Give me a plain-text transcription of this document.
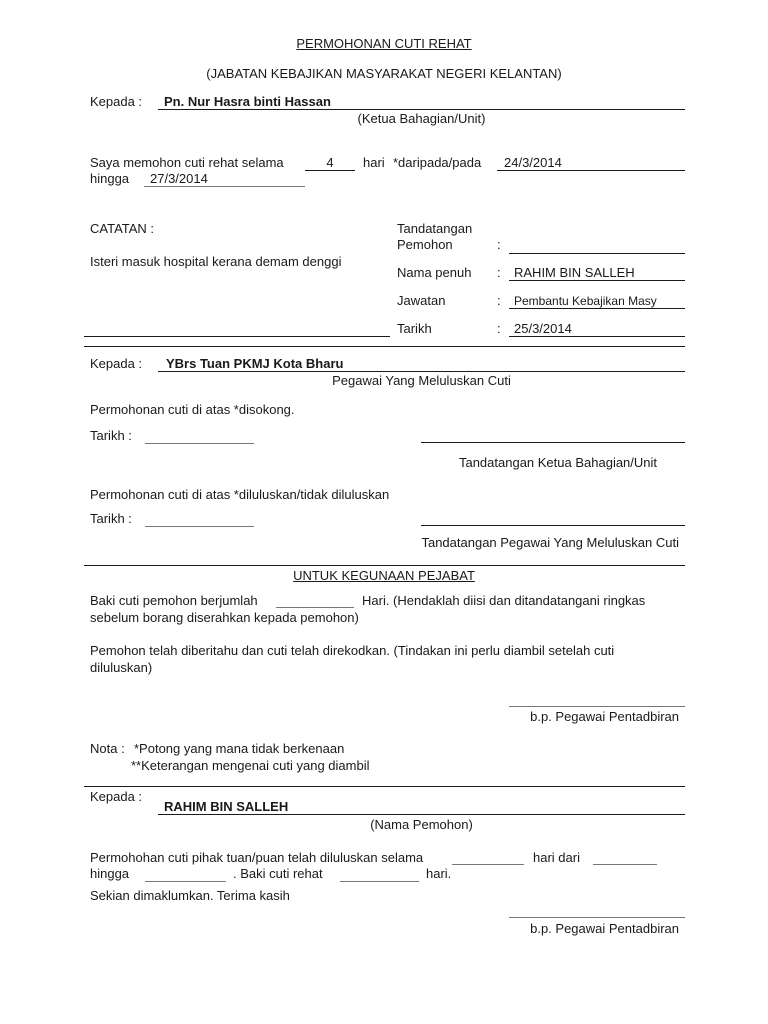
PERMOHONAN CUTI REHAT
(JABATAN KEBAJIKAN MASYARAKAT NEGERI KELANTAN)
Kepada : Pn. Nur Hasra binti Hassan
(Ketua Bahagian/Unit)
Saya memohon cuti rehat selama	4	hari *daripada/pada 24/3/2014
hingga 27/3/2014
CATATAN :
Isteri masuk hospital kerana demam denggi
Tandatangan
Pemohon	:
Nama penuh : RAHIM BIN SALLEH
Jawatan	: Pembantu Kebajikan Masy
Tarikh	: 25/3/2014
Kepada : YBrs Tuan PKMJ Kota Bharu
Pegawai Yang Meluluskan Cuti
Permohonan cuti di atas *disokong.
Tarikh :
Tandatangan Ketua Bahagian/Unit
Permohonan cuti di atas *diluluskan/tidak diluluskan
Tarikh :
Tandatangan Pegawai Yang Meluluskan Cuti
UNTUK KEGUNAAN PEJABAT
Baki cuti pemohon berjumlah	Hari. (Hendaklah diisi dan ditandatangani ringkas
sebelum borang diserahkan kepada pemohon)
Pemohon telah diberitahu dan cuti telah direkodkan. (Tindakan ini perlu diambil setelah cuti
diluluskan)
b.p. Pegawai Pentadbiran
Nota : *Potong yang mana tidak berkenaan
**Keterangan mengenai cuti yang diambil
Kepada :
RAHIM BIN SALLEH
(Nama Pemohon)
Permohohan cuti pihak tuan/puan telah diluluskan selama	hari dari
hingga	. Baki cuti rehat	hari.
Sekian dimaklumkan. Terima kasih
b.p. Pegawai Pentadbiran
